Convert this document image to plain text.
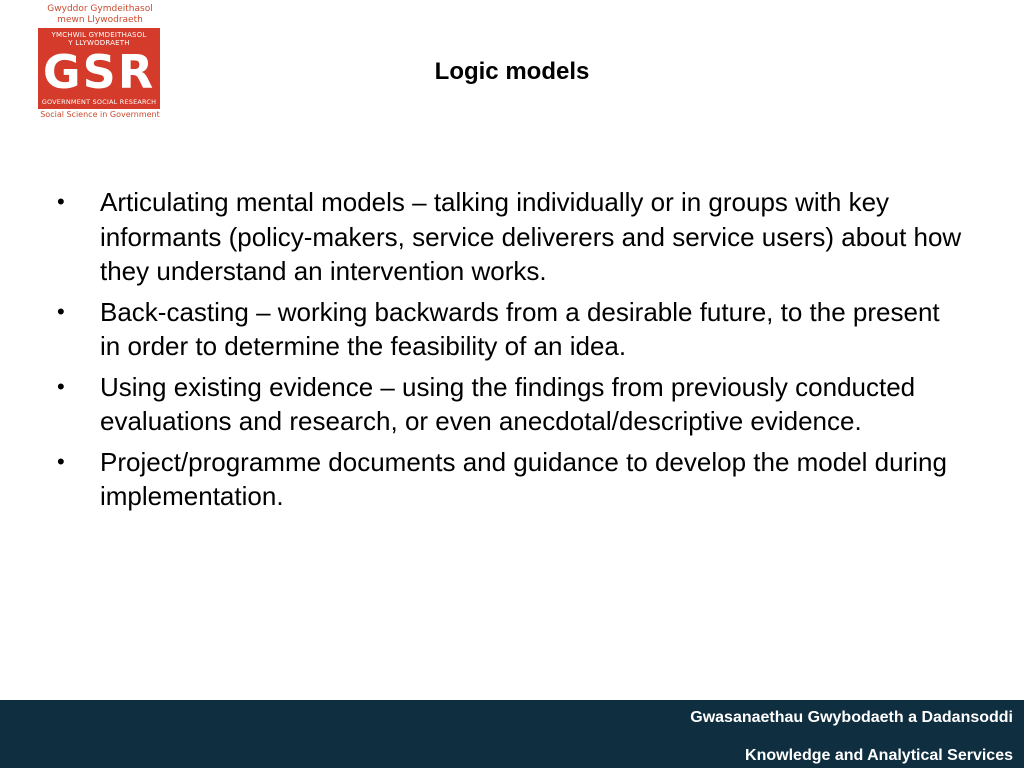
Gwyddor Gymdeithasol
mewn Llywodraeth
YMCHWIL GYMDEITHASOL
Y LLYWODRAETH
GSR
GOVERNMENT SOCIAL RESEARCH
Social Science in Government
Logic models
•	Articulating mental models – talking individually or in groups with key informants (policy-makers, service deliverers and service users) about how they understand an intervention works.
•	Back-casting – working backwards from a desirable future, to the present in order to determine the feasibility of an idea.
•	Using existing evidence – using the findings from previously conducted evaluations and research, or even anecdotal/descriptive evidence.
•	Project/programme documents and guidance to develop the model during implementation.
Gwasanaethau Gwybodaeth a Dadansoddi
Knowledge and Analytical Services
